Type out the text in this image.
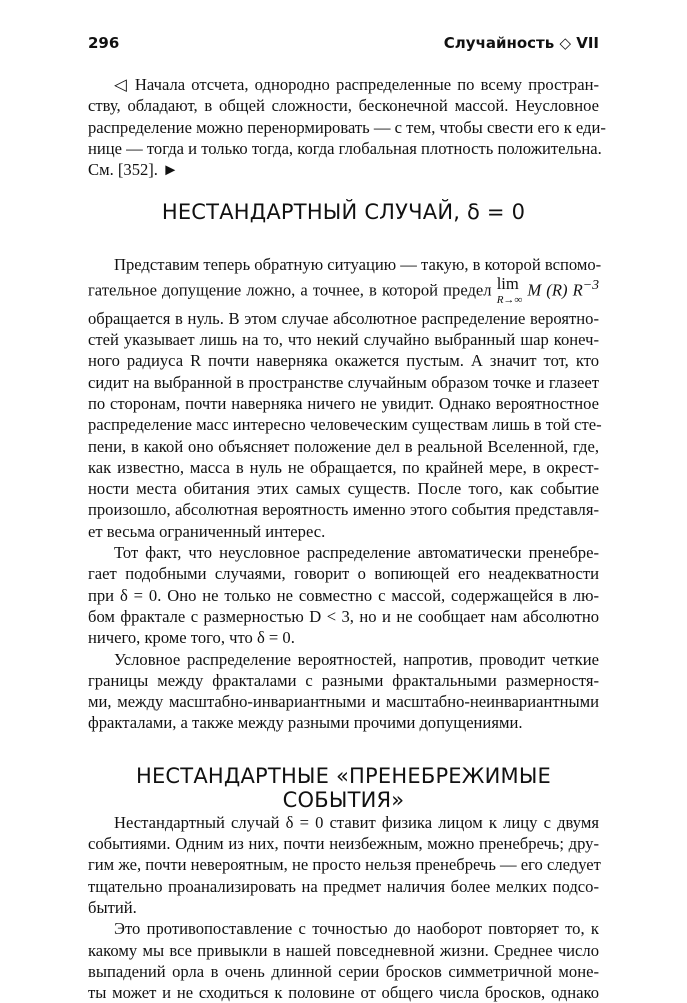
296	Случайность ◇ VII
◁ Начала отсчета, однородно распределенные по всему простран-
ству, обладают, в общей сложности, бесконечной массой. Неусловное
распределение можно перенормировать — с тем, чтобы свести его к еди-
нице — тогда и только тогда, когда глобальная плотность положительна.
См. [352]. ►
НЕСТАНДАРТНЫЙ СЛУЧАЙ, δ = 0
Представим теперь обратную ситуацию — такую, в которой вспомо-
гательное допущение ложно, а точнее, в которой предел lim
R→∞
M (R) $R^{-3}$
обращается в нуль. В этом случае абсолютное распределение вероятно-
стей указывает лишь на то, что некий случайно выбранный шар конеч-
ного радиуса R почти наверняка окажется пустым. А значит тот, кто
сидит на выбранной в пространстве случайным образом точке и глазеет
по сторонам, почти наверняка ничего не увидит. Однако вероятностное
распределение масс интересно человеческим существам лишь в той сте-
пени, в какой оно объясняет положение дел в реальной Вселенной, где,
как известно, масса в нуль не обращается, по крайней мере, в окрест-
ности места обитания этих самых существ. После того, как событие
произошло, абсолютная вероятность именно этого события представля-
ет весьма ограниченный интерес.
Тот факт, что неусловное распределение автоматически пренебре-
гает подобными случаями, говорит о вопиющей его неадекватности
при δ = 0. Оно не только не совместно с массой, содержащейся в лю-
бом фрактале с размерностью D < 3, но и не сообщает нам абсолютно
ничего, кроме того, что δ = 0.
Условное распределение вероятностей, напротив, проводит четкие
границы между фракталами с разными фрактальными размерностя-
ми, между масштабно-инвариантными и масштабно-неинвариантными
фракталами, а также между разными прочими допущениями.
НЕСТАНДАРТНЫЕ «ПРЕНЕБРЕЖИМЫЕ СОБЫТИЯ»
Нестандартный случай δ = 0 ставит физика лицом к лицу с двумя
событиями. Одним из них, почти неизбежным, можно пренебречь; дру-
гим же, почти невероятным, не просто нельзя пренебречь — его следует
тщательно проанализировать на предмет наличия более мелких подсо-
бытий.
Это противопоставление с точностью до наоборот повторяет то, к
какому мы все привыкли в нашей повседневной жизни. Среднее число
выпадений орла в очень длинной серии бросков симметричной моне-
ты может и не сходиться к половине от общего числа бросков, однако
